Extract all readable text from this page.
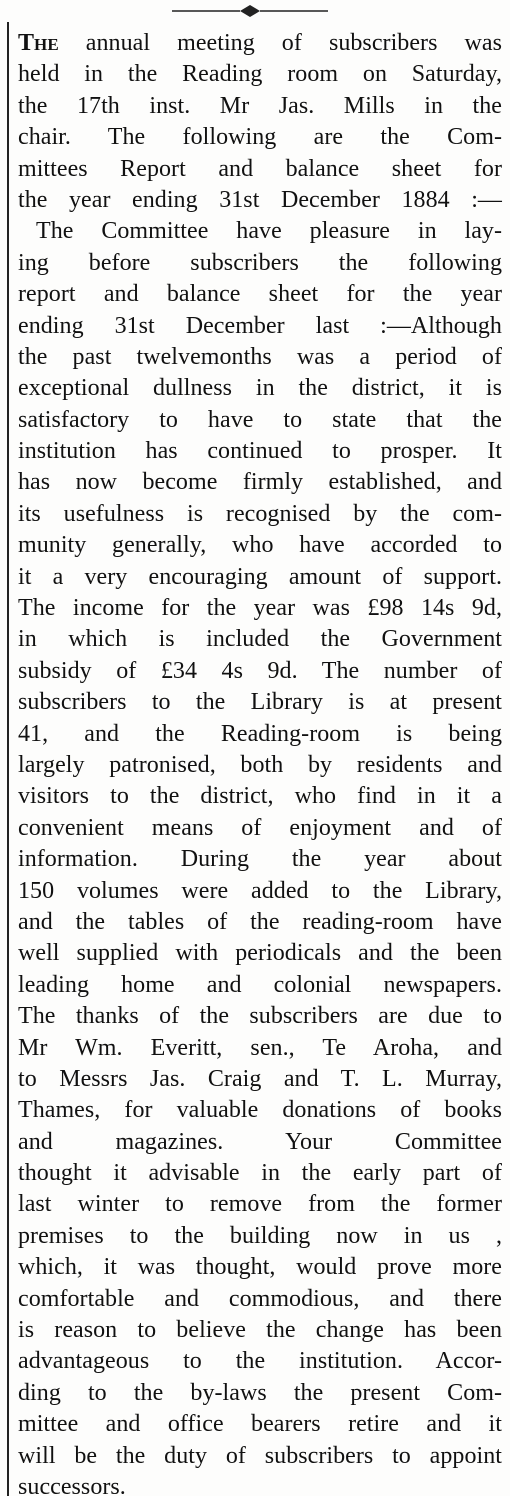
The annual meeting of subscribers was
held in the Reading room on Saturday,
the 17th inst. Mr Jas. Mills in the
chair. The following are the Com-
mittees Report and balance sheet for
the year ending 31st December 1884 :—
The Committee have pleasure in lay-
ing before subscribers the following
report and balance sheet for the year
ending 31st December last :—Although
the past twelvemonths was a period of
exceptional dullness in the district, it is
satisfactory to have to state that the
institution has continued to prosper. It
has now become firmly established, and
its usefulness is recognised by the com-
munity generally, who have accorded to
it a very encouraging amount of support.
The income for the year was £98 14s 9d,
in which is included the Government
subsidy of £34 4s 9d. The number of
subscribers to the Library is at present
41, and the Reading-room is being
largely patronised, both by residents and
visitors to the district, who find in it a
convenient means of enjoyment and of
information. During the year about
150 volumes were added to the Library,
and the tables of the reading-room have
well supplied with periodicals and the been
leading home and colonial newspapers.
The thanks of the subscribers are due to
Mr Wm. Everitt, sen., Te Aroha, and
to Messrs Jas. Craig and T. L. Murray,
Thames, for valuable donations of books
and magazines. Your Committee
thought it advisable in the early part of
last winter to remove from the former
premises to the building now in us ,
which, it was thought, would prove more
comfortable and commodious, and there
is reason to believe the change has been
advantageous to the institution. Accor-
ding to the by-laws the present Com-
mittee and office bearers retire and it
will be the duty of subscribers to appoint
successors.
